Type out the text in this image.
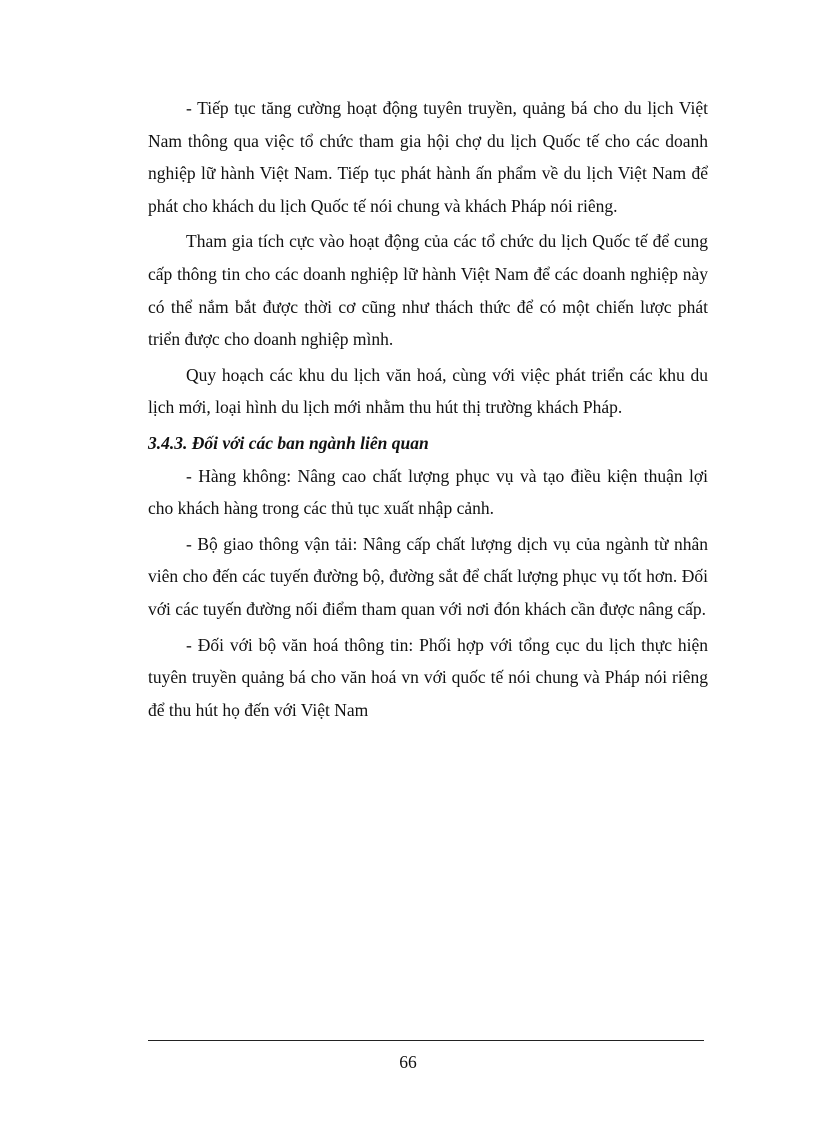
- Tiếp tục tăng cường hoạt động tuyên truyền, quảng bá cho du lịch Việt Nam thông qua việc tổ chức tham gia hội chợ du lịch Quốc tế cho các doanh nghiệp lữ hành Việt Nam. Tiếp tục phát hành ấn phẩm về du lịch Việt Nam để phát cho khách du lịch Quốc tế nói chung và khách Pháp nói riêng.

Tham gia tích cực vào hoạt động của các tổ chức du lịch Quốc tế để cung cấp thông tin cho các doanh nghiệp lữ hành Việt Nam để các doanh nghiệp này có thể nắm bắt được thời cơ cũng như thách thức để có một chiến lược phát triển được cho doanh nghiệp mình.

Quy hoạch các khu du lịch văn hoá, cùng với việc phát triển các khu du lịch mới, loại hình du lịch mới nhằm thu hút thị trường khách Pháp.

3.4.3. Đối với các ban ngành liên quan

- Hàng không: Nâng cao chất lượng phục vụ và tạo điều kiện thuận lợi cho khách hàng trong các thủ tục xuất nhập cảnh.

- Bộ giao thông vận tải: Nâng cấp chất lượng dịch vụ của ngành từ nhân viên cho đến các tuyến đường bộ, đường sắt để chất lượng phục vụ tốt hơn. Đối với các tuyến đường nối điểm tham quan với nơi đón khách cần được nâng cấp.

- Đối với bộ văn hoá thông tin: Phối hợp với tổng cục du lịch thực hiện tuyên truyền quảng bá cho văn hoá vn với quốc tế nói chung và Pháp nói riêng để thu hút họ đến với Việt Nam

66
